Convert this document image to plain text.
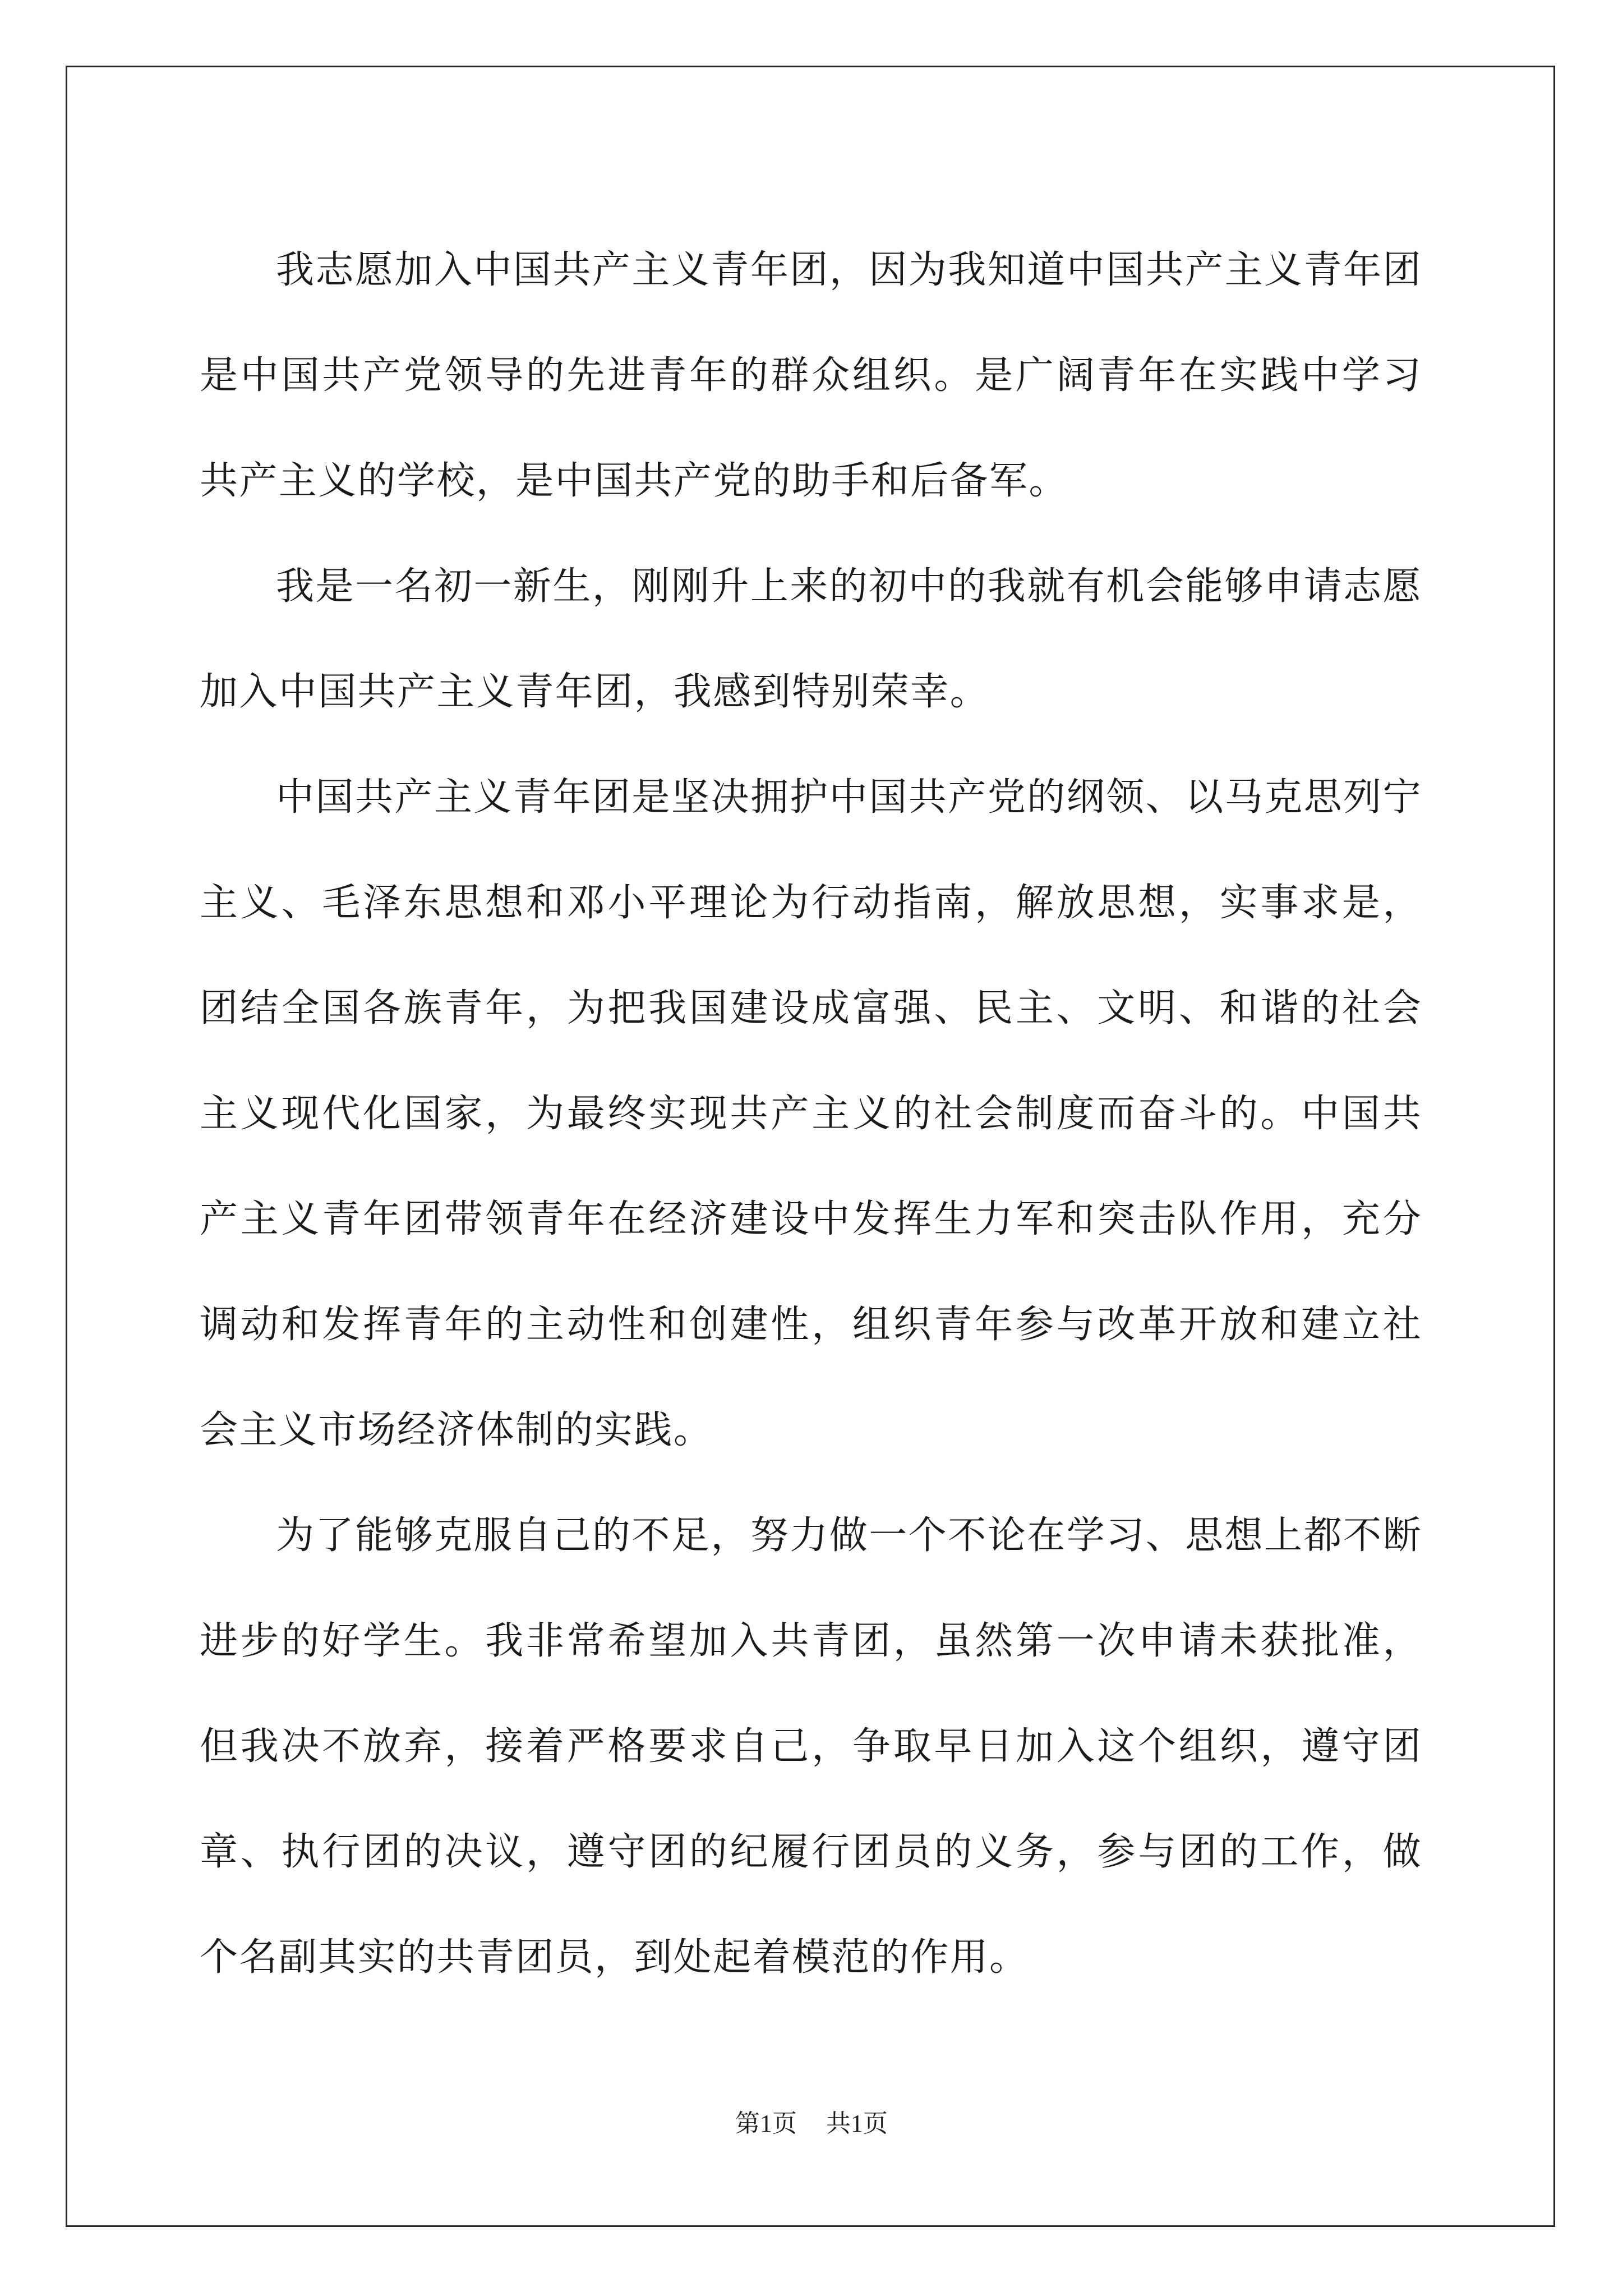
我志愿加入中国共产主义青年团，因为我知道中国共产主义青年团是中国共产党领导的先进青年的群众组织。是广阔青年在实践中学习共产主义的学校，是中国共产党的助手和后备军。

我是一名初一新生，刚刚升上来的初中的我就有机会能够申请志愿加入中国共产主义青年团，我感到特别荣幸。

中国共产主义青年团是坚决拥护中国共产党的纲领、以马克思列宁主义、毛泽东思想和邓小平理论为行动指南，解放思想，实事求是，团结全国各族青年，为把我国建设成富强、民主、文明、和谐的社会主义现代化国家，为最终实现共产主义的社会制度而奋斗的。中国共产主义青年团带领青年在经济建设中发挥生力军和突击队作用，充分调动和发挥青年的主动性和创建性，组织青年参与改革开放和建立社会主义市场经济体制的实践。

为了能够克服自己的不足，努力做一个不论在学习、思想上都不断进步的好学生。我非常希望加入共青团，虽然第一次申请未获批准，但我决不放弃，接着严格要求自己，争取早日加入这个组织，遵守团章、执行团的决议，遵守团的纪履行团员的义务，参与团的工作，做个名副其实的共青团员，到处起着模范的作用。

第1页 共1页
